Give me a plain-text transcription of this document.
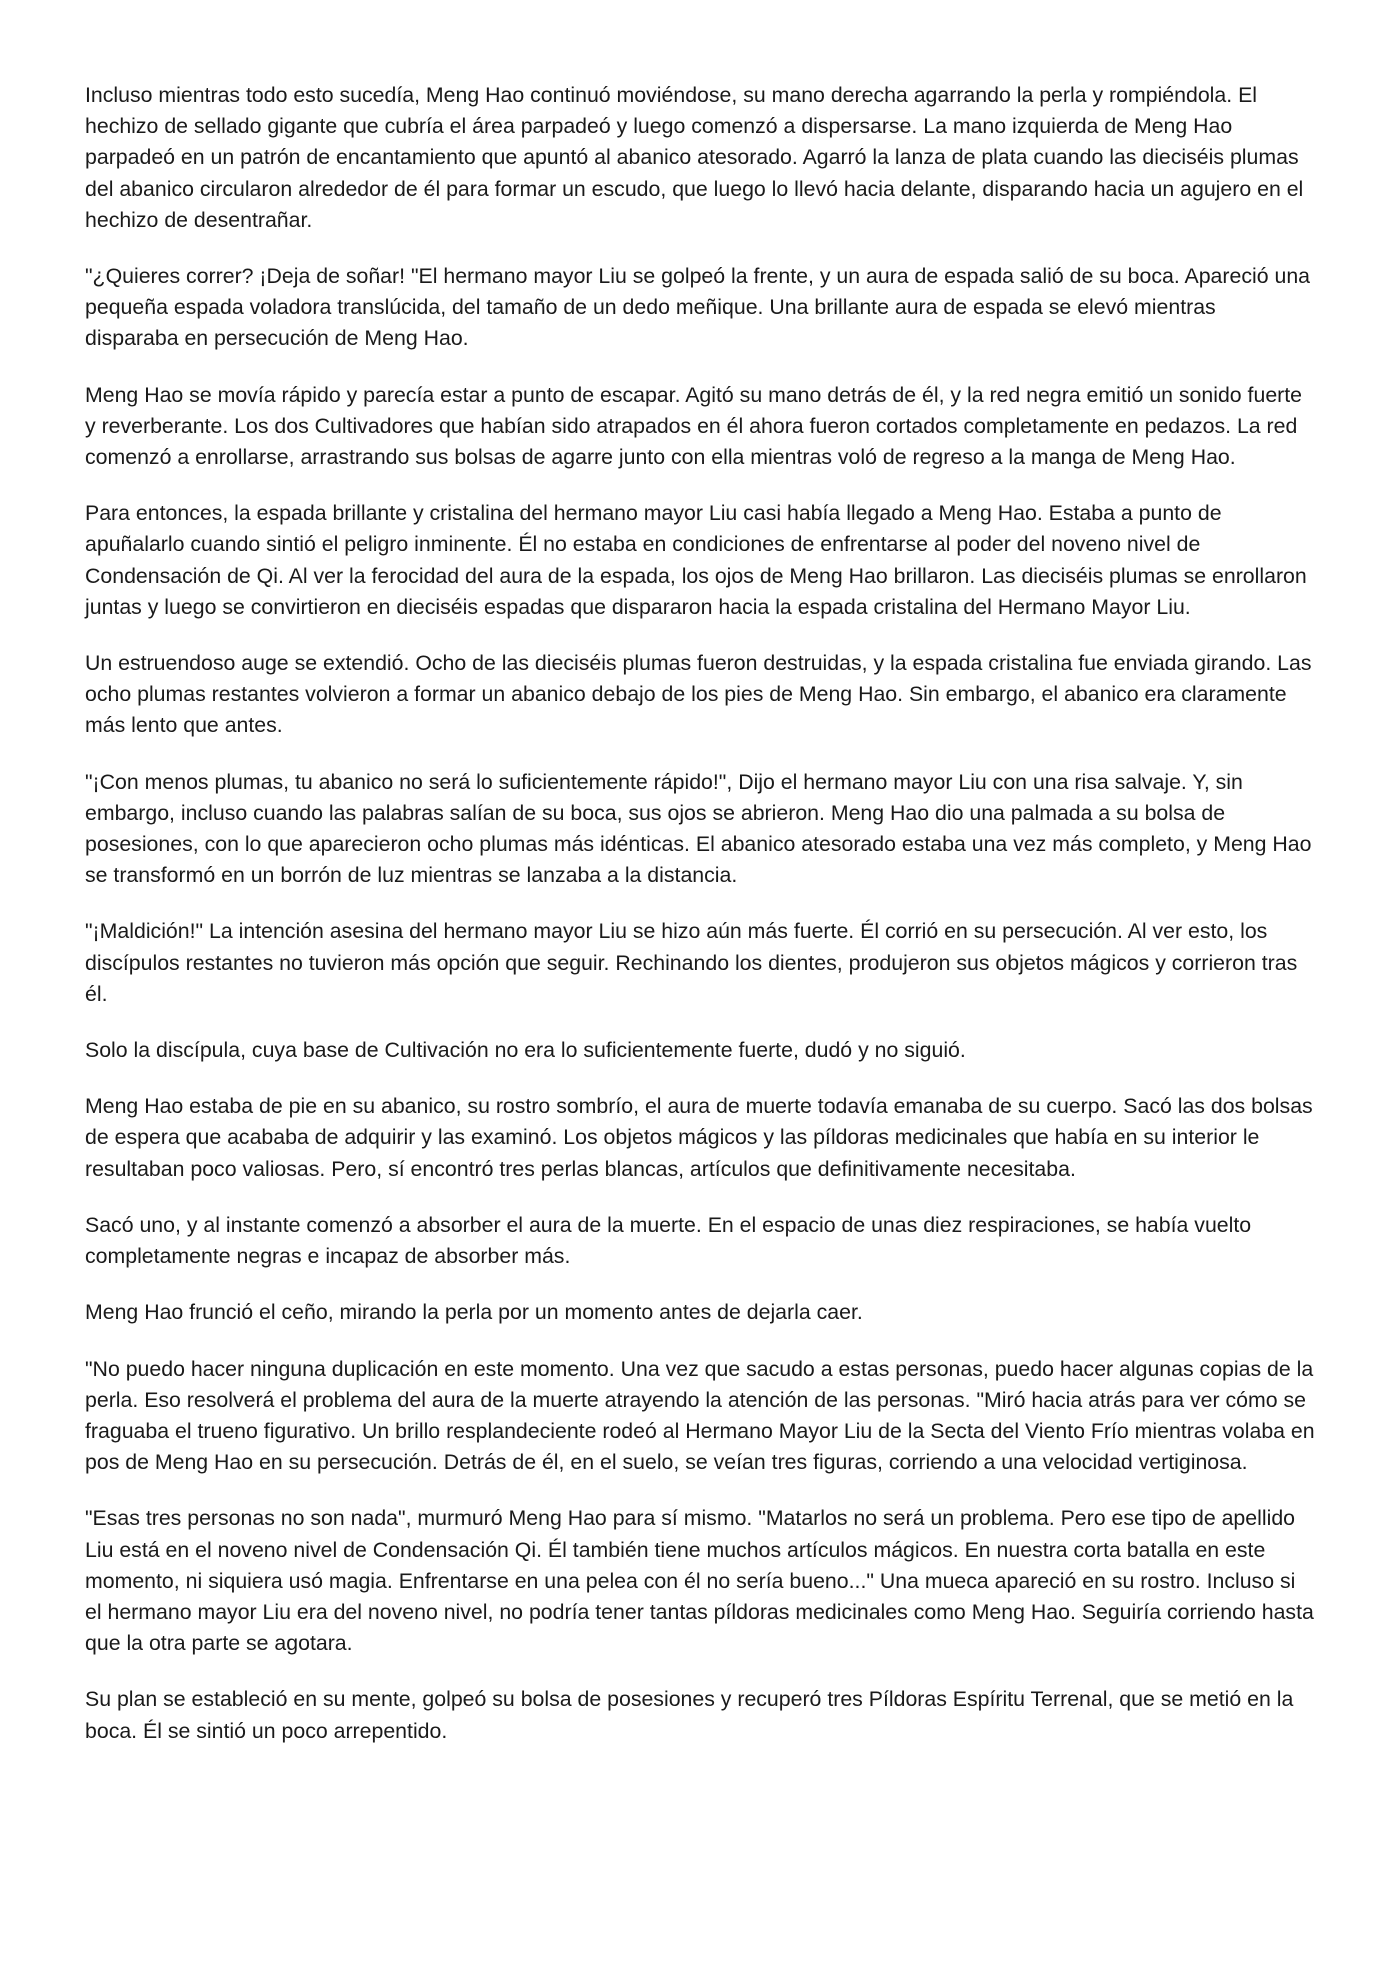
Incluso mientras todo esto sucedía, Meng Hao continuó moviéndose, su mano derecha agarrando la perla y rompiéndola. El hechizo de sellado gigante que cubría el área parpadeó y luego comenzó a dispersarse. La mano izquierda de Meng Hao parpadeó en un patrón de encantamiento que apuntó al abanico atesorado. Agarró la lanza de plata cuando las dieciséis plumas del abanico circularon alrededor de él para formar un escudo, que luego lo llevó hacia delante, disparando hacia un agujero en el hechizo de desentrañar.

"¿Quieres correr? ¡Deja de soñar! "El hermano mayor Liu se golpeó la frente, y un aura de espada salió de su boca. Apareció una pequeña espada voladora translúcida, del tamaño de un dedo meñique. Una brillante aura de espada se elevó mientras disparaba en persecución de Meng Hao.

Meng Hao se movía rápido y parecía estar a punto de escapar. Agitó su mano detrás de él, y la red negra emitió un sonido fuerte y reverberante. Los dos Cultivadores que habían sido atrapados en él ahora fueron cortados completamente en pedazos. La red comenzó a enrollarse, arrastrando sus bolsas de agarre junto con ella mientras voló de regreso a la manga de Meng Hao.

Para entonces, la espada brillante y cristalina del hermano mayor Liu casi había llegado a Meng Hao. Estaba a punto de apuñalarlo cuando sintió el peligro inminente. Él no estaba en condiciones de enfrentarse al poder del noveno nivel de Condensación de Qi. Al ver la ferocidad del aura de la espada, los ojos de Meng Hao brillaron. Las dieciséis plumas se enrollaron juntas y luego se convirtieron en dieciséis espadas que dispararon hacia la espada cristalina del Hermano Mayor Liu.

Un estruendoso auge se extendió. Ocho de las dieciséis plumas fueron destruidas, y la espada cristalina fue enviada girando. Las ocho plumas restantes volvieron a formar un abanico debajo de los pies de Meng Hao. Sin embargo, el abanico era claramente más lento que antes.

"¡Con menos plumas, tu abanico no será lo suficientemente rápido!", Dijo el hermano mayor Liu con una risa salvaje. Y, sin embargo, incluso cuando las palabras salían de su boca, sus ojos se abrieron. Meng Hao dio una palmada a su bolsa de posesiones, con lo que aparecieron ocho plumas más idénticas. El abanico atesorado estaba una vez más completo, y Meng Hao se transformó en un borrón de luz mientras se lanzaba a la distancia.

"¡Maldición!" La intención asesina del hermano mayor Liu se hizo aún más fuerte. Él corrió en su persecución. Al ver esto, los discípulos restantes no tuvieron más opción que seguir. Rechinando los dientes, produjeron sus objetos mágicos y corrieron tras él.

Solo la discípula, cuya base de Cultivación no era lo suficientemente fuerte, dudó y no siguió.

Meng Hao estaba de pie en su abanico, su rostro sombrío, el aura de muerte todavía emanaba de su cuerpo. Sacó las dos bolsas de espera que acababa de adquirir y las examinó. Los objetos mágicos y las píldoras medicinales que había en su interior le resultaban poco valiosas. Pero, sí encontró tres perlas blancas, artículos que definitivamente necesitaba.

Sacó uno, y al instante comenzó a absorber el aura de la muerte. En el espacio de unas diez respiraciones, se había vuelto completamente negras e incapaz de absorber más.

Meng Hao frunció el ceño, mirando la perla por un momento antes de dejarla caer.

"No puedo hacer ninguna duplicación en este momento. Una vez que sacudo a estas personas, puedo hacer algunas copias de la perla. Eso resolverá el problema del aura de la muerte atrayendo la atención de las personas. "Miró hacia atrás para ver cómo se fraguaba el trueno figurativo. Un brillo resplandeciente rodeó al Hermano Mayor Liu de la Secta del Viento Frío mientras volaba en pos de Meng Hao en su persecución. Detrás de él, en el suelo, se veían tres figuras, corriendo a una velocidad vertiginosa.

"Esas tres personas no son nada", murmuró Meng Hao para sí mismo. "Matarlos no será un problema. Pero ese tipo de apellido Liu está en el noveno nivel de Condensación Qi. Él también tiene muchos artículos mágicos. En nuestra corta batalla en este momento, ni siquiera usó magia. Enfrentarse en una pelea con él no sería bueno..." Una mueca apareció en su rostro. Incluso si el hermano mayor Liu era del noveno nivel, no podría tener tantas píldoras medicinales como Meng Hao. Seguiría corriendo hasta que la otra parte se agotara.

Su plan se estableció en su mente, golpeó su bolsa de posesiones y recuperó tres Píldoras Espíritu Terrenal, que se metió en la boca. Él se sintió un poco arrepentido.
